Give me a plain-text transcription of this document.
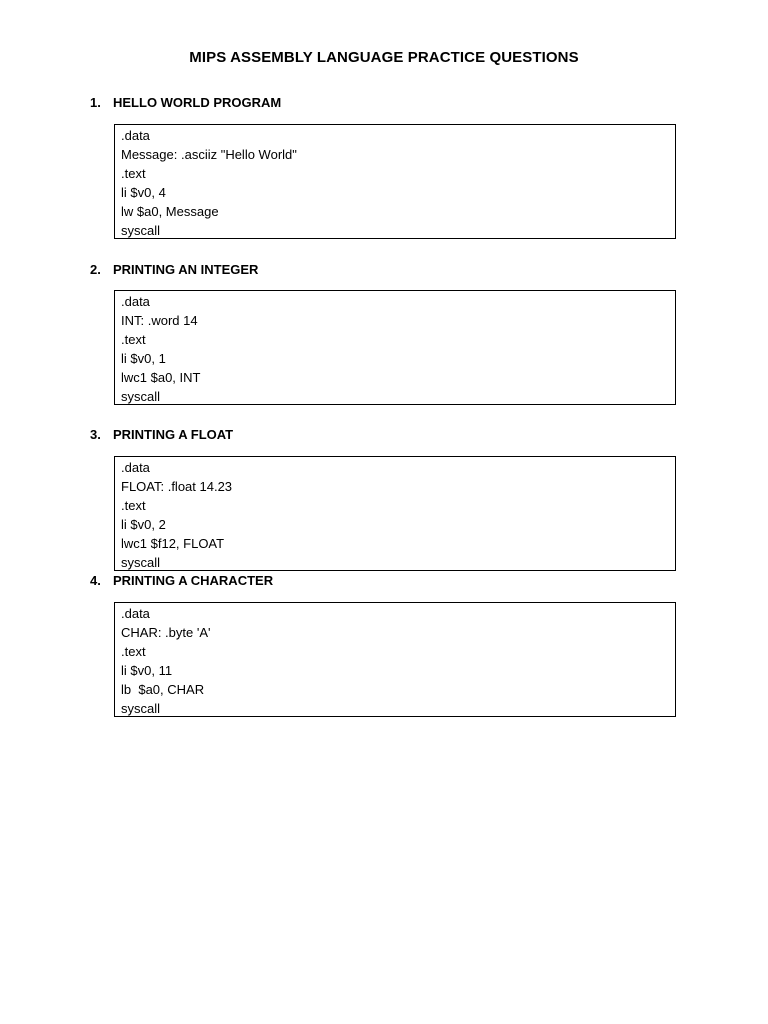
MIPS ASSEMBLY LANGUAGE PRACTICE QUESTIONS
1. HELLO WORLD PROGRAM
.data
Message: .asciiz "Hello World"
.text
li $v0, 4
lw $a0, Message
syscall
2. PRINTING AN INTEGER
.data
INT: .word 14
.text
li $v0, 1
lwc1 $a0, INT
syscall
3. PRINTING A FLOAT
.data
FLOAT: .float 14.23
.text
li $v0, 2
lwc1 $f12, FLOAT
syscall
4. PRINTING A CHARACTER
.data
CHAR: .byte 'A'
.text
li $v0, 11
lb  $a0, CHAR
syscall
